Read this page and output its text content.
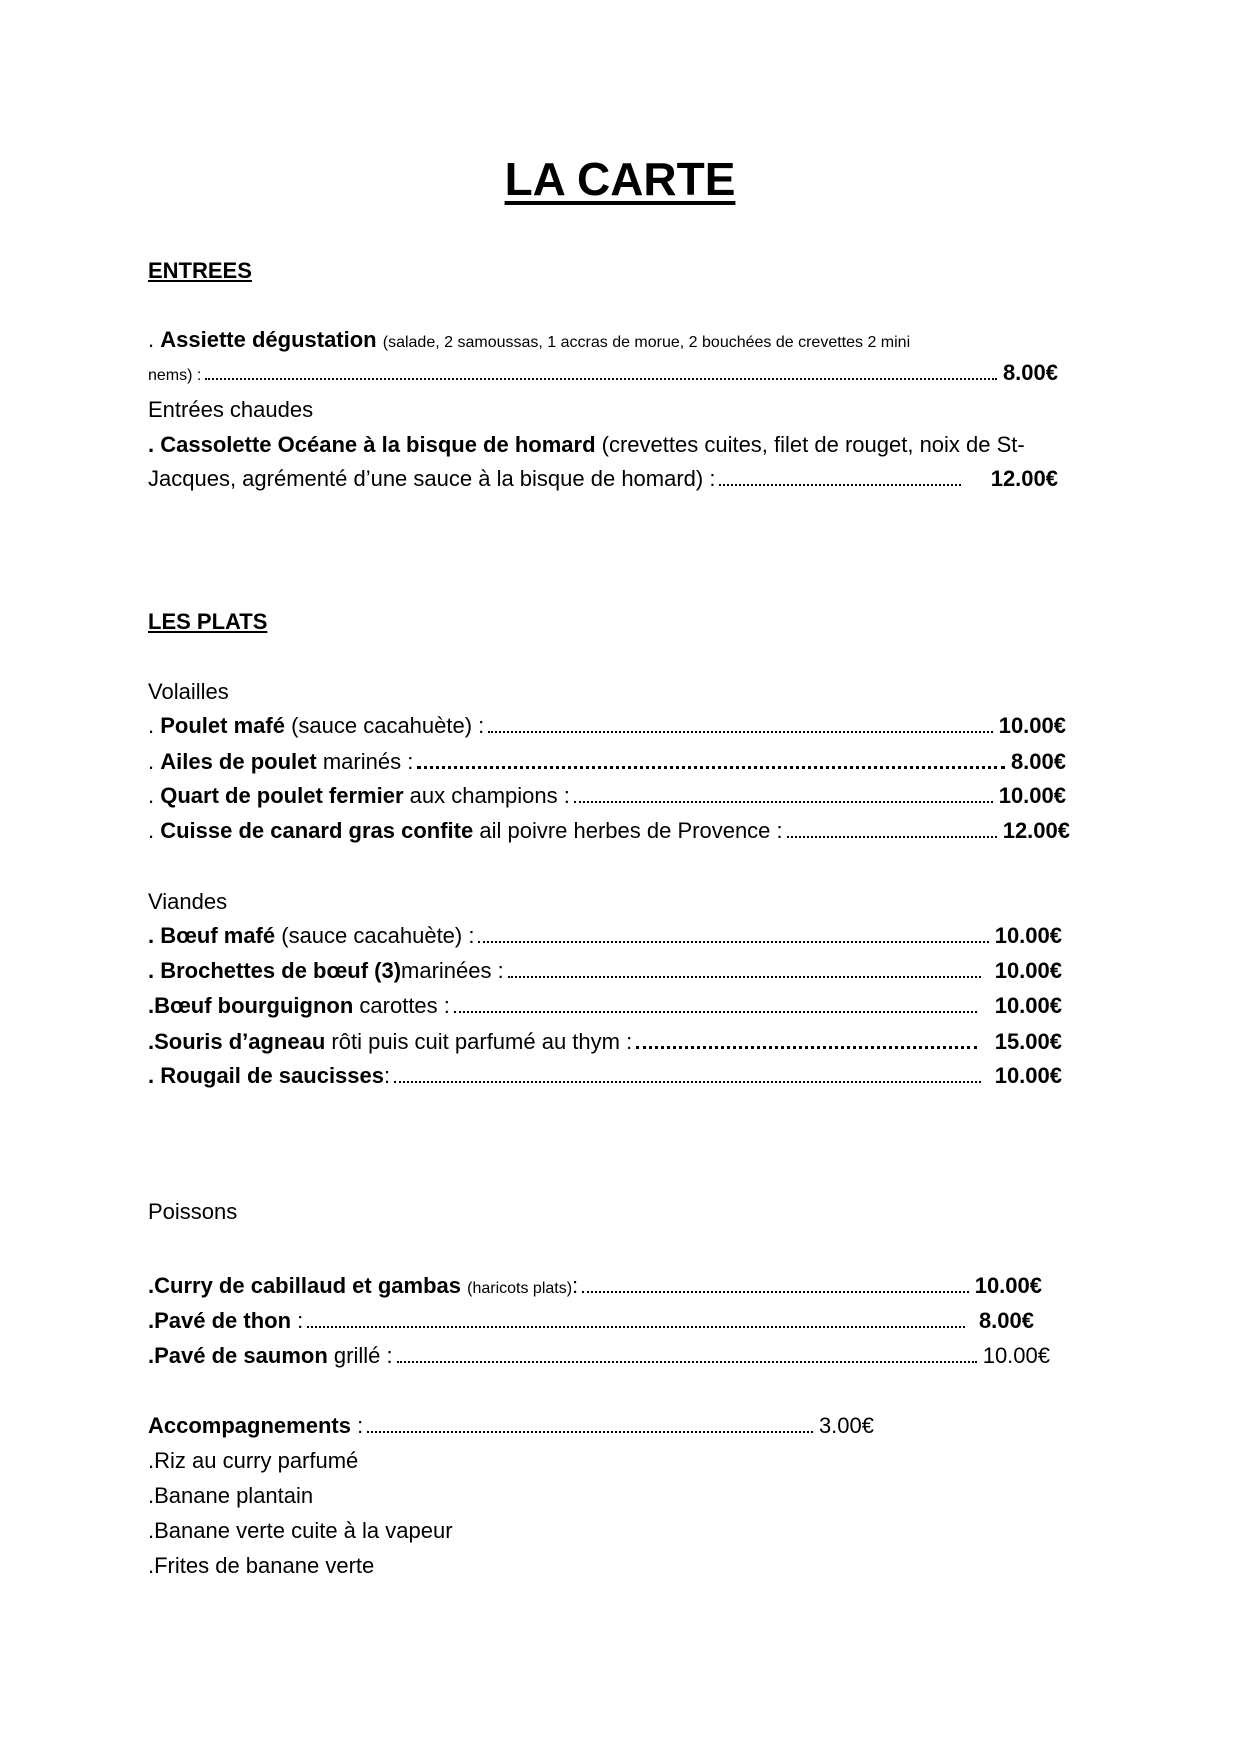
LA CARTE
ENTREES
. Assiette dégustation (salade, 2 samoussas, 1 accras de morue, 2 bouchées de crevettes 2 mini
nems) :	8.00€
Entrées chaudes
. Cassolette Océane à la bisque de homard (crevettes cuites, filet de rouget, noix de St-
Jacques, agrémenté d’une sauce à la bisque de homard) :	12.00€
LES PLATS
Volailles
. Poulet mafé (sauce cacahuète) :	10.00€
. Ailes de poulet marinés :	8.00€
. Quart de poulet fermier aux champions :	10.00€
. Cuisse de canard gras confite ail poivre herbes de Provence :	12.00€
Viandes
. Bœuf mafé
(sauce cacahuète) :	10.00€
. Brochettes de bœuf (3) marinées :	10.00€
.Bœuf bourguignon
carottes :	10.00€
.Souris d’agneau
rôti puis cuit parfumé au thym :	15.00€
. Rougail de saucisses :	10.00€
Poissons
.Curry de cabillaud et gambas
(haricots plats) :	10.00€
.Pavé de thon
:	8.00€
.Pavé de saumon
grillé :	10.00€
Accompagnements
:	3.00€
.Riz au curry parfumé
.Banane plantain
.Banane verte cuite à la vapeur
.Frites de banane verte
